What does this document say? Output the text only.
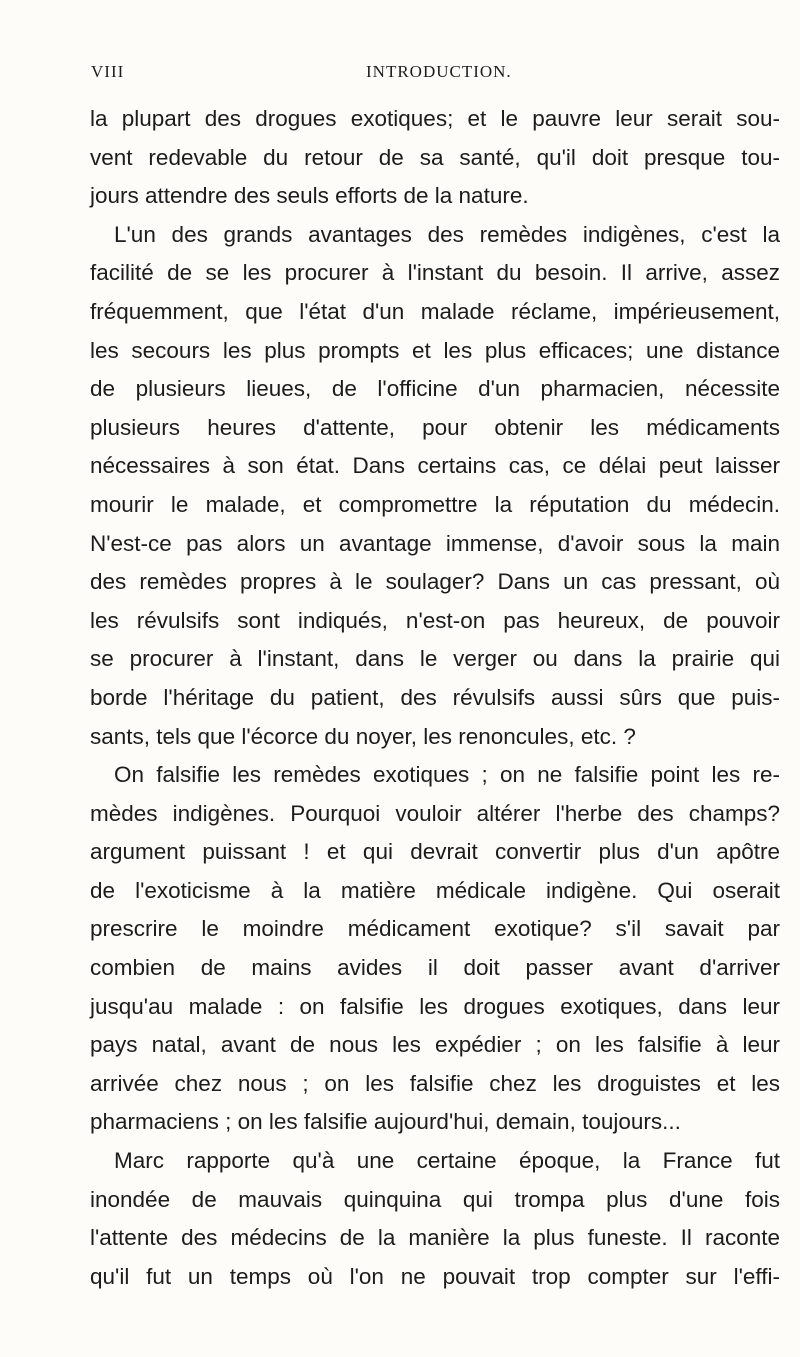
VIII	INTRODUCTION.
la plupart des drogues exotiques; et le pauvre leur serait sou-
vent redevable du retour de sa santé, qu'il doit presque tou-
jours attendre des seuls efforts de la nature.
L'un des grands avantages des remèdes indigènes, c'est la
facilité de se les procurer à l'instant du besoin. Il arrive, assez
fréquemment, que l'état d'un malade réclame, impérieusement,
les secours les plus prompts et les plus efficaces; une distance
de plusieurs lieues, de l'officine d'un pharmacien, nécessite
plusieurs heures d'attente, pour obtenir les médicaments
nécessaires à son état. Dans certains cas, ce délai peut laisser
mourir le malade, et compromettre la réputation du médecin.
N'est-ce pas alors un avantage immense, d'avoir sous la main
des remèdes propres à le soulager? Dans un cas pressant, où
les révulsifs sont indiqués, n'est-on pas heureux, de pouvoir
se procurer à l'instant, dans le verger ou dans la prairie qui
borde l'héritage du patient, des révulsifs aussi sûrs que puis-
sants, tels que l'écorce du noyer, les renoncules, etc. ?
On falsifie les remèdes exotiques ; on ne falsifie point les re-
mèdes indigènes. Pourquoi vouloir altérer l'herbe des champs?
argument puissant ! et qui devrait convertir plus d'un apôtre
de l'exoticisme à la matière médicale indigène. Qui oserait
prescrire le moindre médicament exotique? s'il savait par
combien de mains avides il doit passer avant d'arriver
jusqu'au malade : on falsifie les drogues exotiques, dans leur
pays natal, avant de nous les expédier ; on les falsifie à leur
arrivée chez nous ; on les falsifie chez les droguistes et les
pharmaciens ; on les falsifie aujourd'hui, demain, toujours...
Marc rapporte qu'à une certaine époque, la France fut
inondée de mauvais quinquina qui trompa plus d'une fois
l'attente des médecins de la manière la plus funeste. Il raconte
qu'il fut un temps où l'on ne pouvait trop compter sur l'effi-
